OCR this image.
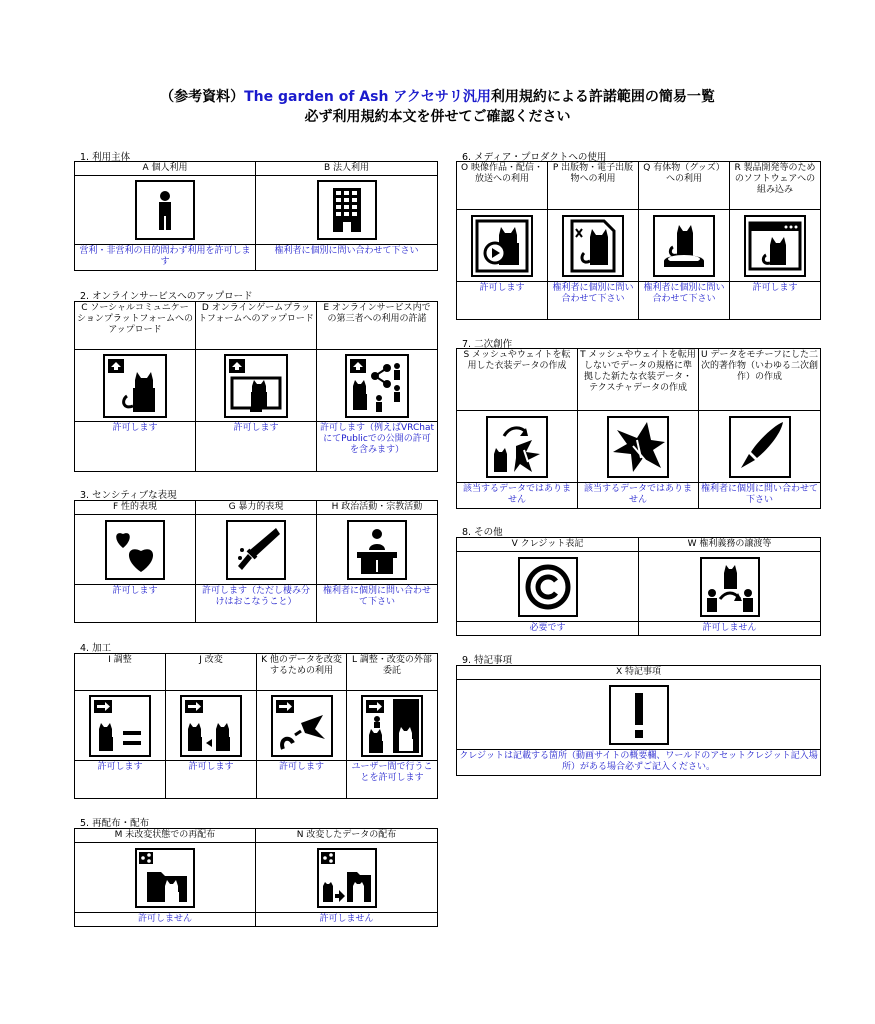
（参考資料）The garden of Ash アクセサリ汎用利用規約による許諾範囲の簡易一覧
必ず利用規約本文を併せてご確認ください
1. 利用主体
A 個人利用	B 法人利用

営利・非営利の目的問わず利用を許可します	権利者に個別に問い合わせて下さい
2. オンラインサービスへのアップロード
C ソーシャルコミュニケーションプラットフォームへのアップロード	D オンラインゲームプラットフォームへのアップロード	E オンラインサービス内での第三者への利用の許諾

許可します	許可します	許可します（例えばVRChatにてPublicでの公開の許可を含みます）
3. センシティブな表現
F 性的表現	G 暴力的表現	H 政治活動・宗教活動

許可します	許可します（ただし棲み分けはおこなうこと）	権利者に個別に問い合わせて下さい
4. 加工
I 調整	J 改変	K 他のデータを改変するための利用	L 調整・改変の外部委託

許可します	許可します	許可します	ユーザー間で行うことを許可します
5. 再配布・配布
M 未改変状態での再配布	N 改変したデータの配布

許可しません	許可しません
6. メディア・プロダクトへの使用
O 映像作品・配信・放送への利用	P 出版物・電子出版物への利用	Q 有体物（グッズ）への利用	R 製品開発等のためのソフトウェアへの組み込み

許可します	権利者に個別に問い合わせて下さい	権利者に個別に問い合わせて下さい	許可します
7. 二次創作
S メッシュやウェイトを転用した衣装データの作成	T メッシュやウェイトを転用しないでデータの規格に準拠した新たな衣装データ・テクスチャデータの作成	U データをモチーフにした二次的著作物（いわゆる二次創作）の作成

該当するデータではありません	該当するデータではありません	権利者に個別に問い合わせて下さい
8. その他
V クレジット表記	W 権利義務の譲渡等

必要です	許可しません
9. 特記事項
X 特記事項

クレジットは記載する箇所（動画サイトの概要欄、ワールドのアセットクレジット記入場所）がある場合必ずご記入ください。
